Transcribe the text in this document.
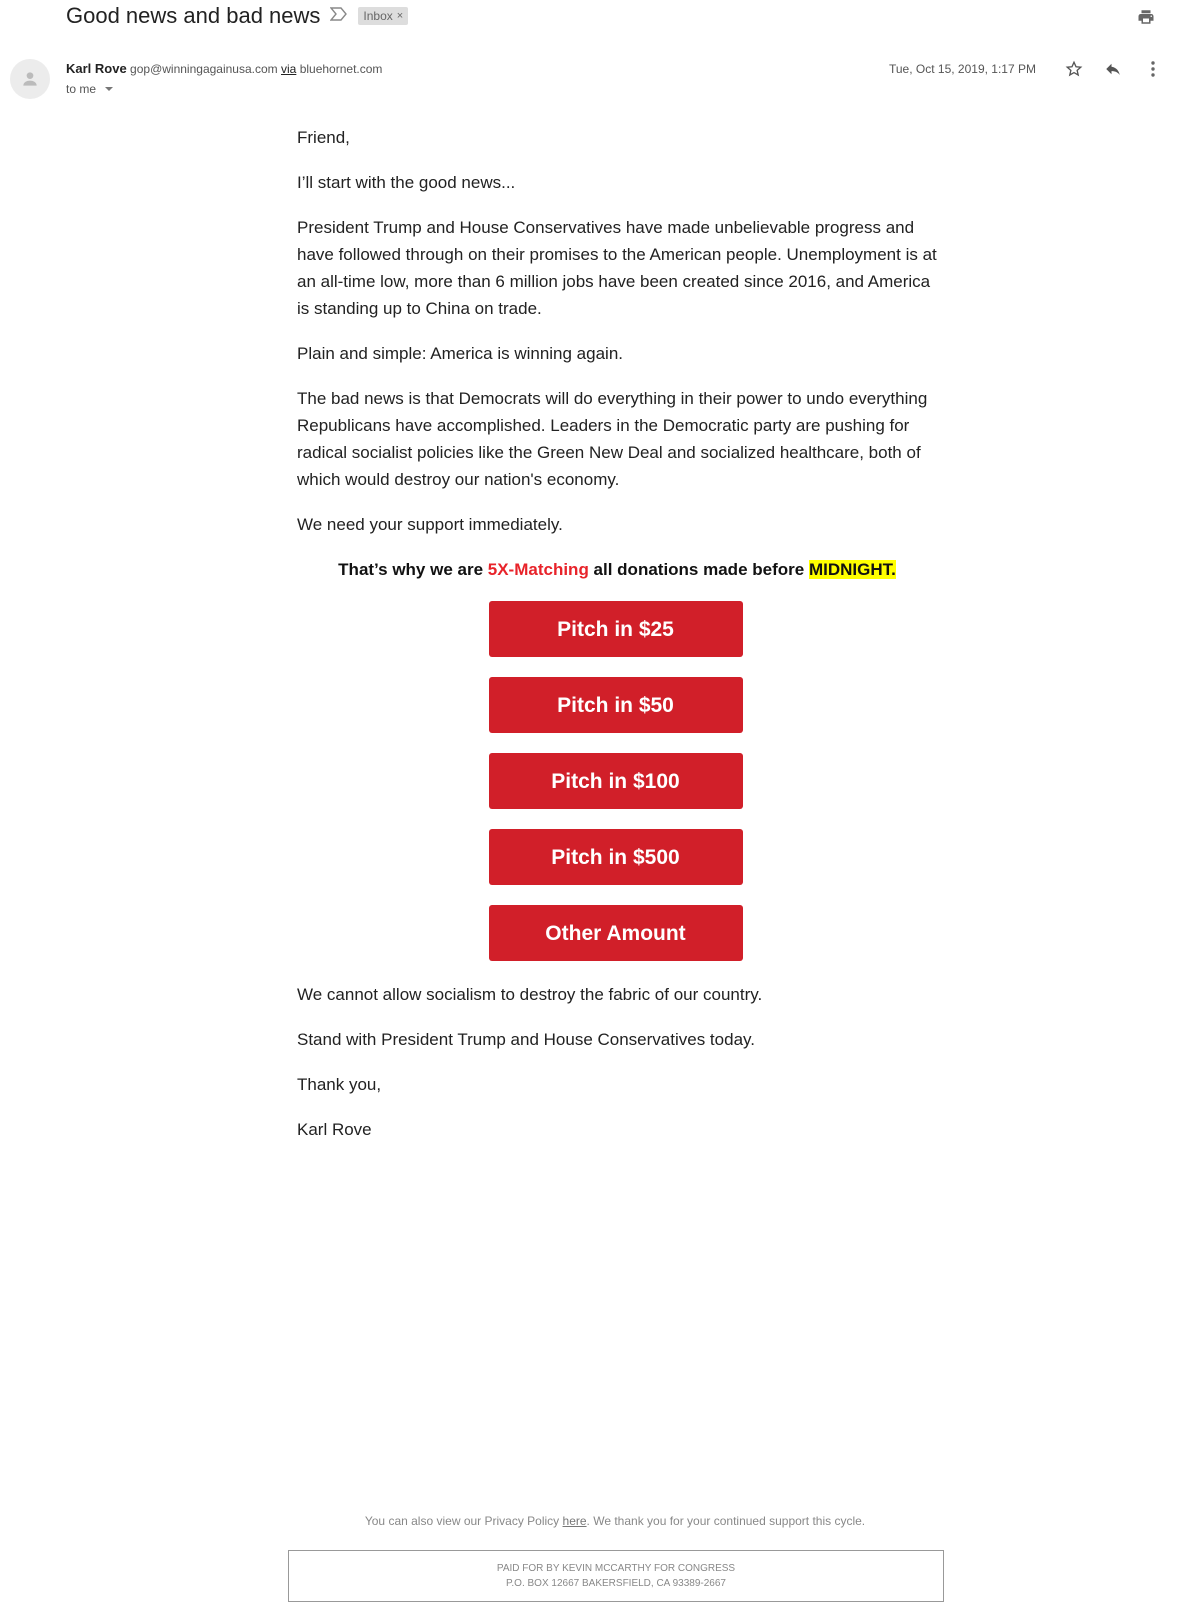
Good news and bad news	Inbox ×
Karl Rove gop@winningagainusa.com via bluehornet.com
to me
Tue, Oct 15, 2019, 1:17 PM

Friend,

I’ll start with the good news...

President Trump and House Conservatives have made unbelievable progress and have followed through on their promises to the American people. Unemployment is at an all-time low, more than 6 million jobs have been created since 2016, and America is standing up to China on trade.

Plain and simple: America is winning again.

The bad news is that Democrats will do everything in their power to undo everything Republicans have accomplished. Leaders in the Democratic party are pushing for radical socialist policies like the Green New Deal and socialized healthcare, both of which would destroy our nation's economy.

We need your support immediately.

That’s why we are 5X-Matching all donations made before MIDNIGHT.

Pitch in $25
Pitch in $50
Pitch in $100
Pitch in $500
Other Amount

We cannot allow socialism to destroy the fabric of our country.

Stand with President Trump and House Conservatives today.

Thank you,

Karl Rove

You can also view our Privacy Policy here. We thank you for your continued support this cycle.
PAID FOR BY KEVIN MCCARTHY FOR CONGRESS
P.O. BOX 12667 BAKERSFIELD, CA 93389-2667
